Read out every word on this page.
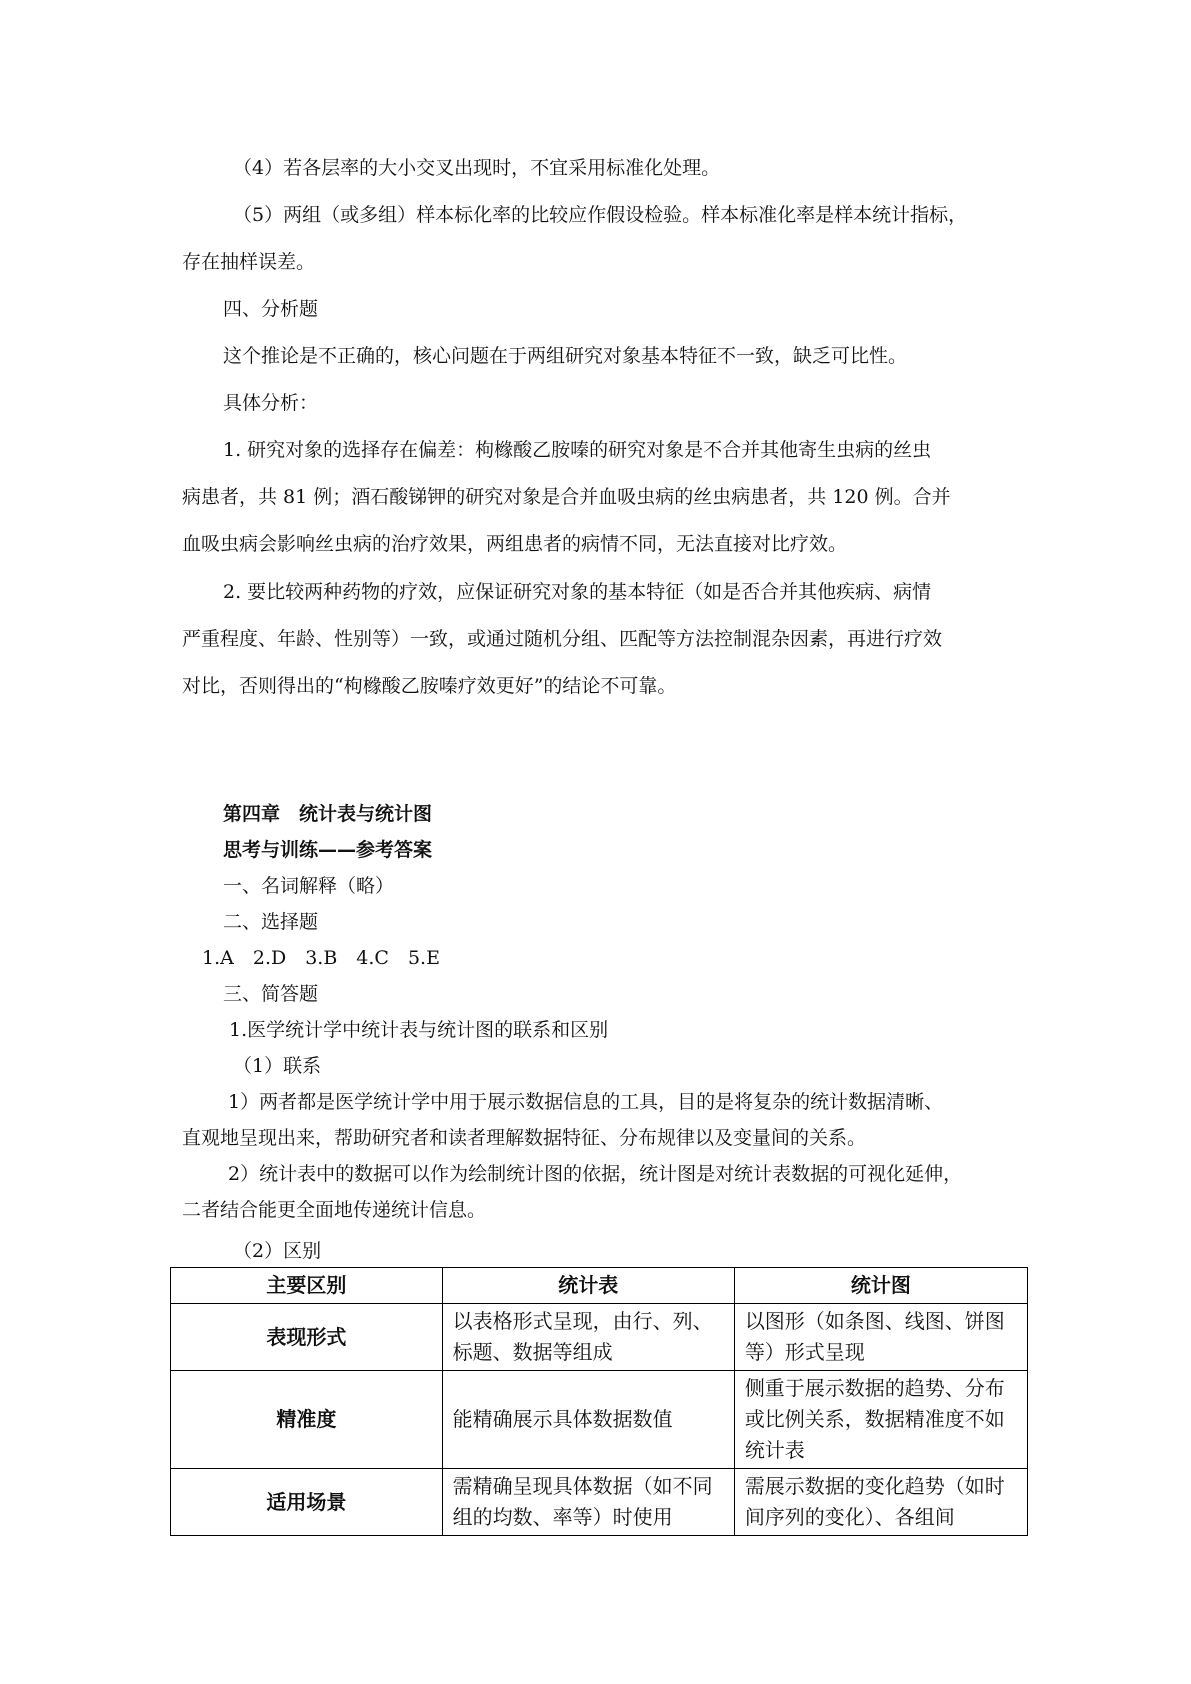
（4）若各层率的大小交叉出现时，不宜采用标准化处理。
（5）两组（或多组）样本标化率的比较应作假设检验。样本标准化率是样本统计指标，
存在抽样误差。
四、分析题
这个推论是不正确的，核心问题在于两组研究对象基本特征不一致，缺乏可比性。
具体分析：
1. 研究对象的选择存在偏差：枸橼酸乙胺嗪的研究对象是不合并其他寄生虫病的丝虫
病患者，共 81 例；酒石酸锑钾的研究对象是合并血吸虫病的丝虫病患者，共 120 例。合并
血吸虫病会影响丝虫病的治疗效果，两组患者的病情不同，无法直接对比疗效。
2. 要比较两种药物的疗效，应保证研究对象的基本特征（如是否合并其他疾病、病情
严重程度、年龄、性别等）一致，或通过随机分组、匹配等方法控制混杂因素，再进行疗效
对比，否则得出的“枸橼酸乙胺嗪疗效更好”的结论不可靠。
第四章　统计表与统计图
思考与训练——参考答案
一、名词解释（略）
二、选择题
1.A　2.D　3.B　4.C　5.E
三、简答题
1.医学统计学中统计表与统计图的联系和区别
（1）联系
1）两者都是医学统计学中用于展示数据信息的工具，目的是将复杂的统计数据清晰、
直观地呈现出来，帮助研究者和读者理解数据特征、分布规律以及变量间的关系。
2）统计表中的数据可以作为绘制统计图的依据，统计图是对统计表数据的可视化延伸，
二者结合能更全面地传递统计信息。
（2）区别
主要区别	统计表	统计图
表现形式	以表格形式呈现，由行、列、标题、数据等组成	以图形（如条图、线图、饼图等）形式呈现
精准度	能精确展示具体数据数值	侧重于展示数据的趋势、分布或比例关系，数据精准度不如统计表
适用场景	需精确呈现具体数据（如不同组的均数、率等）时使用	需展示数据的变化趋势（如时间序列的变化）、各组间
